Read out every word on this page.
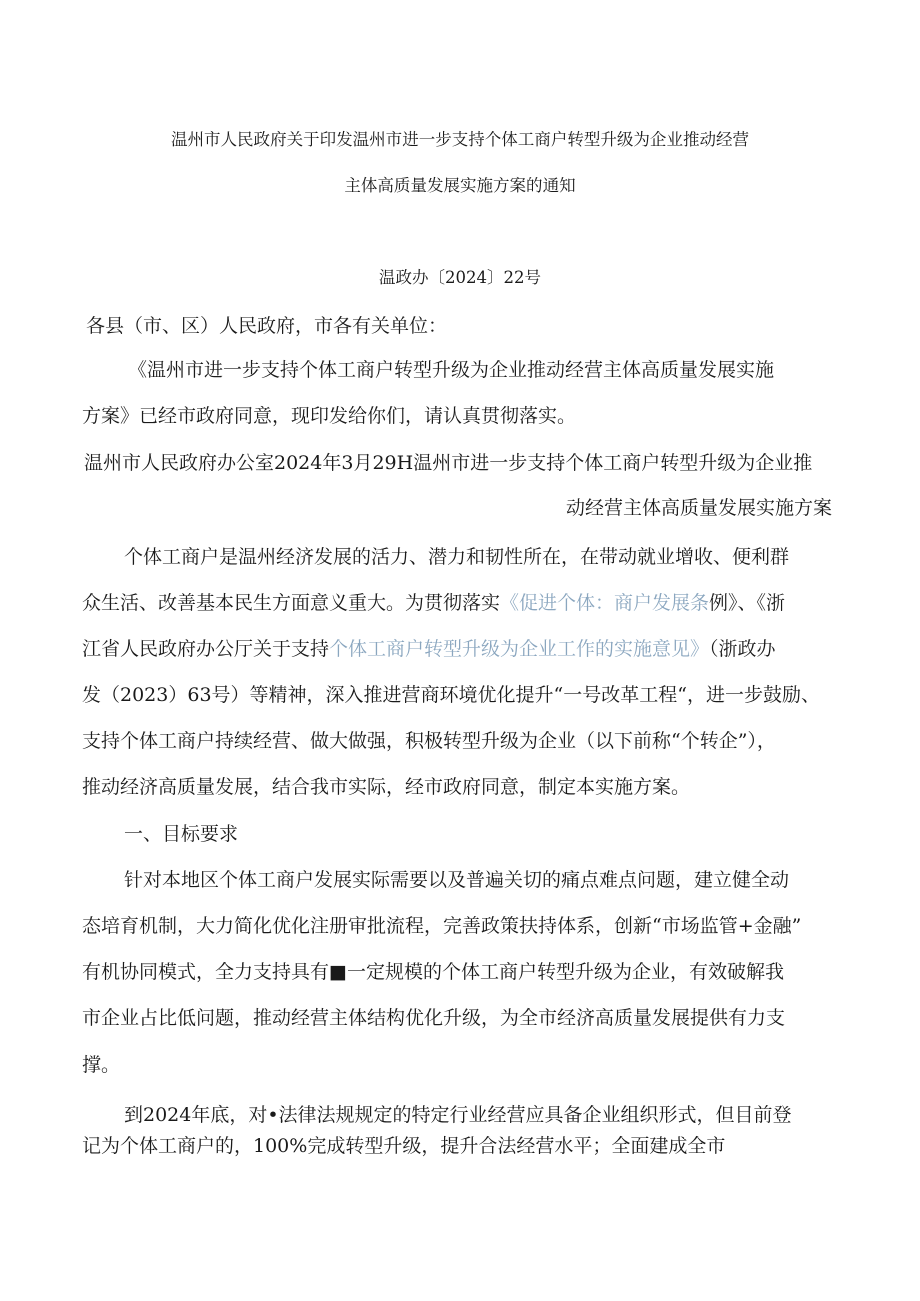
温州市人民政府关于印发温州市进一步支持个体工商户转型升级为企业推动经营
主体高质量发展实施方案的通知
温政办〔2024〕22号
各县（市、区）人民政府，市各有关单位：
《温州市进一步支持个体工商户转型升级为企业推动经营主体高质量发展实施
方案》已经市政府同意，现印发给你们，请认真贯彻落实。
温州市人民政府办公室2024年3月29H温州市进一步支持个体工商户转型升级为企业推
动经营主体高质量发展实施方案
个体工商户是温州经济发展的活力、潜力和韧性所在，在带动就业增收、便利群
众生活、改善基本民生方面意义重大。为贯彻落实《促进个体：商户发展条例》、《浙
江省人民政府办公厅关于支持个体工商户转型升级为企业工作的实施意见》（浙政办
发（2023）63号）等精神，深入推进营商环境优化提升“一号改革工程“，进一步鼓励、
支持个体工商户持续经营、做大做强，积极转型升级为企业（以下前称“个转企”），
推动经济高质量发展，结合我市实际，经市政府同意，制定本实施方案。
一、目标要求
针对本地区个体工商户发展实际需要以及普遍关切的痛点难点问题，建立健全动
态培育机制，大力简化优化注册审批流程，完善政策扶持体系，创新“市场监管+金融”
有机协同模式，全力支持具有■一定规模的个体工商户转型升级为企业，有效破解我
市企业占比低问题，推动经营主体结构优化升级，为全市经济高质量发展提供有力支
撑。
到2024年底，对•法律法规规定的特定行业经营应具备企业组织形式，但目前登
记为个体工商户的，100%完成转型升级，提升合法经营水平；全面建成全市
